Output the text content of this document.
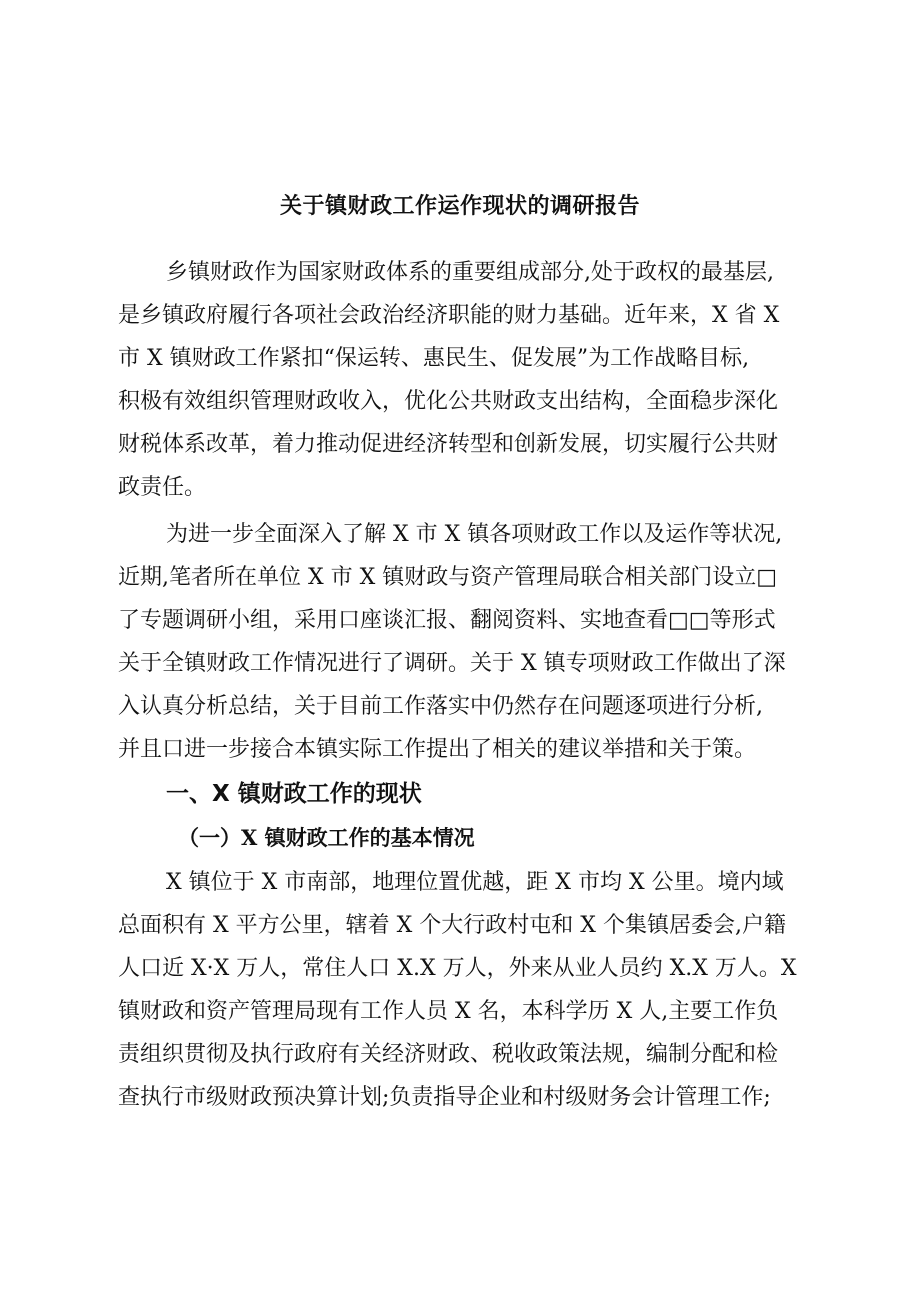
关于镇财政工作运作现状的调研报告

乡镇财政作为国家财政体系的重要组成部分,处于政权的最基层,

是乡镇政府履行各项社会政治经济职能的财力基础。近年来，X 省 X

市 X 镇财政工作紧扣“保运转、惠民生、促发展”为工作战略目标,

积极有效组织管理财政收入，优化公共财政支出结构，全面稳步深化

财税体系改革，着力推动促进经济转型和创新发展，切实履行公共财

政责任。

为进一步全面深入了解 X 市 X 镇各项财政工作以及运作等状况,

近期,笔者所在单位 X 市 X 镇财政与资产管理局联合相关部门设立□

了专题调研小组，采用口座谈汇报、翻阅资料、实地查看□□等形式

关于全镇财政工作情况进行了调研。关于 X 镇专项财政工作做出了深

入认真分析总结，关于目前工作落实中仍然存在问题逐项进行分析,

并且口进一步接合本镇实际工作提出了相关的建议举措和关于策。

一、X 镇财政工作的现状
（一）X 镇财政工作的基本情况

X 镇位于 X 市南部，地理位置优越，距 X 市均 X 公里。境内域

总面积有 X 平方公里，辖着 X 个大行政村屯和 X 个集镇居委会,户籍

人口近 X·X 万人，常住人口 X.X 万人，外来从业人员约 X.X 万人。X

镇财政和资产管理局现有工作人员 X 名，本科学历 X 人,主要工作负

责组织贯彻及执行政府有关经济财政、税收政策法规，编制分配和检

查执行市级财政预决算计划;负责指导企业和村级财务会计管理工作;
